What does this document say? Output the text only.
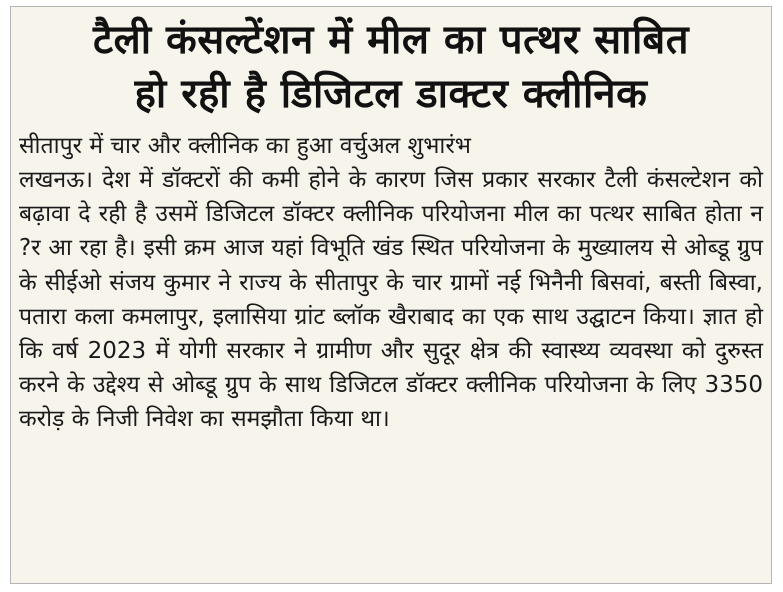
टैली कंसल्टेंशन में मील का पत्थर साबित
हो रही है डिजिटल डाक्टर क्लीनिक

सीतापुर में चार और क्लीनिक का हुआ वर्चुअल शुभारंभ

लखनऊ। देश में डॉक्टरों की कमी होने के कारण जिस प्रकार सरकार टैली कंसल्टेशन को बढ़ावा दे रही है उसमें डिजिटल डॉक्टर क्लीनिक परियोजना मील का पत्थर साबित होता न ?र आ रहा है। इसी क्रम आज यहां विभूति खंड स्थित परियोजना के मुख्यालय से ओब्डू ग्रुप के सीईओ संजय कुमार ने राज्य के सीतापुर के चार ग्रामों नई भिनैनी बिसवां, बस्ती बिस्वा, पतारा कला कमलापुर, इलासिया ग्रांट ब्लॉक खैराबाद का एक साथ उद्घाटन किया। ज्ञात हो कि वर्ष 2023 में योगी सरकार ने ग्रामीण और सुदूर क्षेत्र की स्वास्थ्य व्यवस्था को दुरुस्त करने के उद्देश्य से ओब्डू ग्रुप के साथ डिजिटल डॉक्टर क्लीनिक परियोजना के लिए 3350 करोड़ के निजी निवेश का समझौता किया था।
